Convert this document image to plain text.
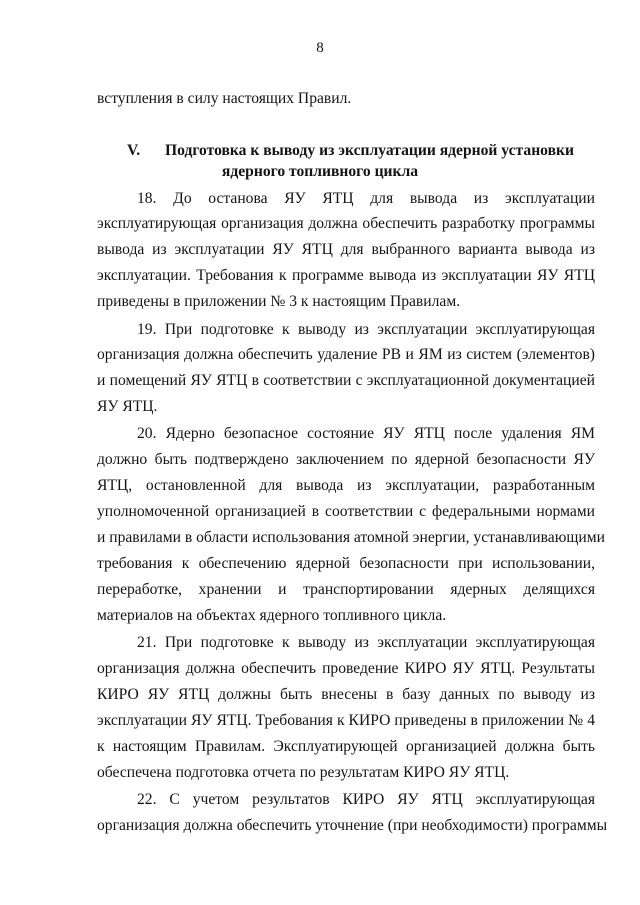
8
вступления в силу настоящих Правил.
V. Подготовка к выводу из эксплуатации ядерной установки
ядерного топливного цикла
18. До останова ЯУ ЯТЦ для вывода из эксплуатации
эксплуатирующая организация должна обеспечить разработку программы
вывода из эксплуатации ЯУ ЯТЦ для выбранного варианта вывода из
эксплуатации. Требования к программе вывода из эксплуатации ЯУ ЯТЦ
приведены в приложении № 3 к настоящим Правилам.
19. При подготовке к выводу из эксплуатации эксплуатирующая
организация должна обеспечить удаление РВ и ЯМ из систем (элементов)
и помещений ЯУ ЯТЦ в соответствии с эксплуатационной документацией
ЯУ ЯТЦ.
20. Ядерно безопасное состояние ЯУ ЯТЦ после удаления ЯМ
должно быть подтверждено заключением по ядерной безопасности ЯУ
ЯТЦ, остановленной для вывода из эксплуатации, разработанным
уполномоченной организацией в соответствии с федеральными нормами
и правилами в области использования атомной энергии, устанавливающими
требования к обеспечению ядерной безопасности при использовании,
переработке, хранении и транспортировании ядерных делящихся
материалов на объектах ядерного топливного цикла.
21. При подготовке к выводу из эксплуатации эксплуатирующая
организация должна обеспечить проведение КИРО ЯУ ЯТЦ. Результаты
КИРО ЯУ ЯТЦ должны быть внесены в базу данных по выводу из
эксплуатации ЯУ ЯТЦ. Требования к КИРО приведены в приложении № 4
к настоящим Правилам. Эксплуатирующей организацией должна быть
обеспечена подготовка отчета по результатам КИРО ЯУ ЯТЦ.
22. С учетом результатов КИРО ЯУ ЯТЦ эксплуатирующая
организация должна обеспечить уточнение (при необходимости) программы
